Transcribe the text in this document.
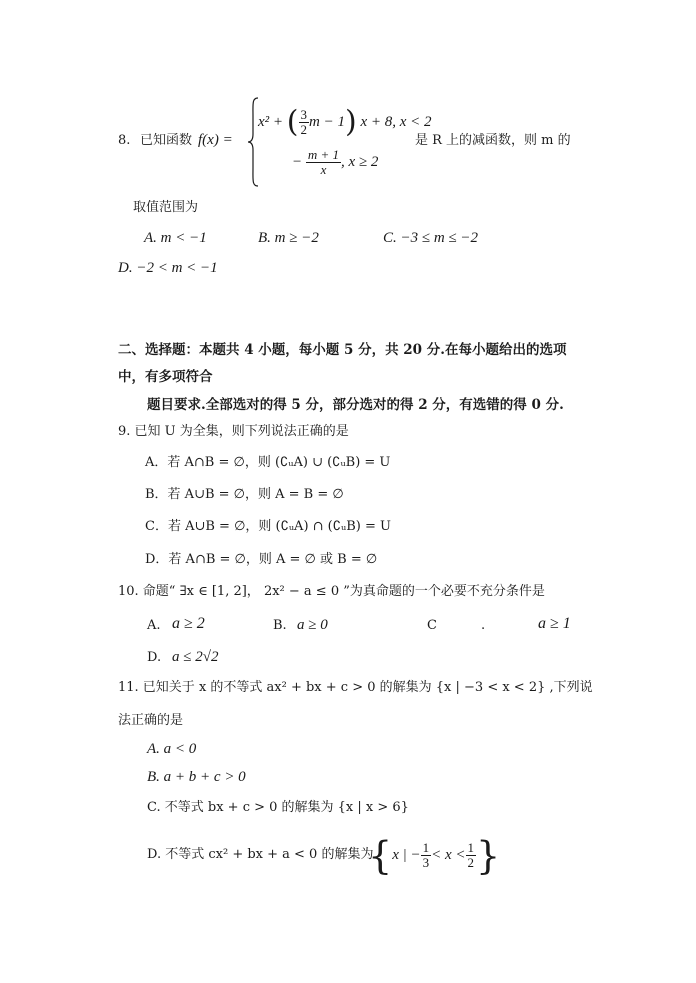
8. 已知函数 f(x) =
x² + ( $\frac{3}{2}$ m − 1) x + 8, x < 2
− $\frac{m + 1}{x}$ , x ≥ 2
是 R 上的减函数，则 m 的
取值范围为
A. m < −1	B. m ≥ −2	C. −3 ≤ m ≤ −2
D. −2 < m < −1
二、选择题：本题共 4 小题，每小题 5 分，共 20 分.在每小题给出的选项
中，有多项符合
题目要求.全部选对的得 5 分，部分选对的得 2 分，有选错的得 0 分.
9. 已知 U 为全集，则下列说法正确的是
A．若 A∩B = ∅，则 (∁ᵤA) ∪ (∁ᵤB) = U
B．若 A∪B = ∅，则 A = B = ∅
C．若 A∪B = ∅，则 (∁ᵤA) ∩ (∁ᵤB) = U
D．若 A∩B = ∅，则 A = ∅ 或 B = ∅
10. 命题“ ∃x ∈ [1, 2]， 2x² − a ≤ 0 ”为真命题的一个必要不充分条件是
A. a ≥ 2	B. a ≥ 0	C	.	a ≥ 1
D. a ≤ 2√2
11. 已知关于 x 的不等式 ax² + bx + c > 0 的解集为 {x | −3 < x < 2} ,下列说
法正确的是
A. a < 0
B. a + b + c > 0
C. 不等式 bx + c > 0 的解集为 {x | x > 6}
D. 不等式 cx² + bx + a < 0 的解集为
{x | − $\frac{1}{3} < x < \frac{1}{2}$ }
